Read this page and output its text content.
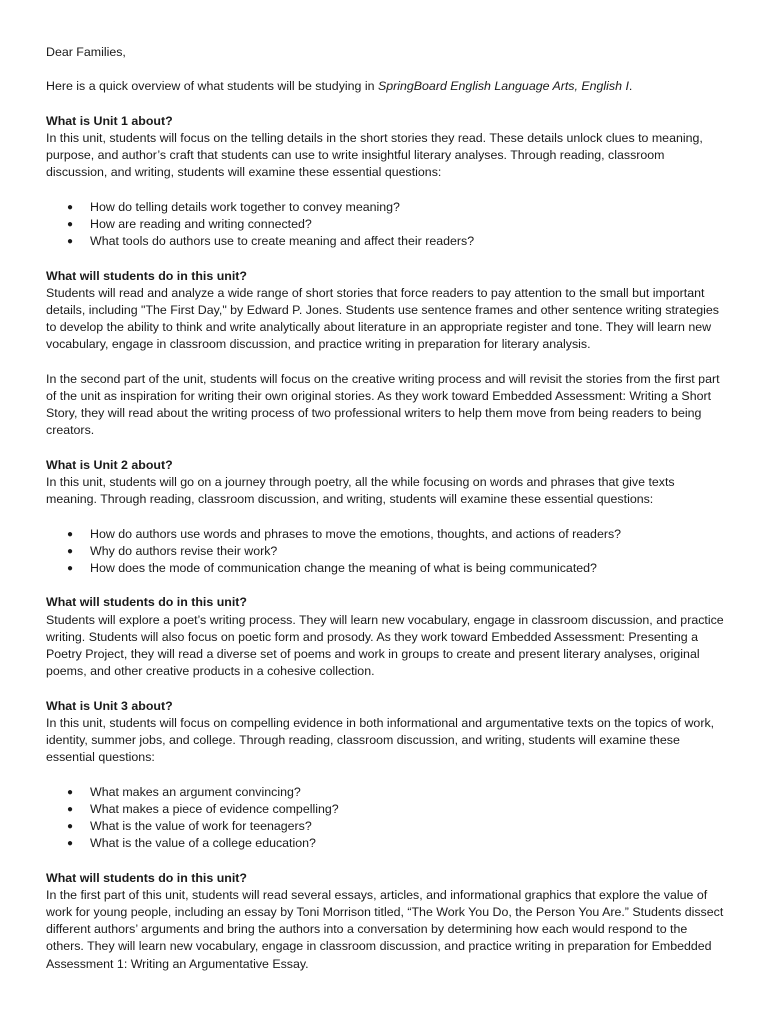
Dear Families,

Here is a quick overview of what students will be studying in SpringBoard English Language Arts, English I.

What is Unit 1 about?

In this unit, students will focus on the telling details in the short stories they read. These details unlock clues to meaning, purpose, and author’s craft that students can use to write insightful literary analyses. Through reading, classroom discussion, and writing, students will examine these essential questions:

● How do telling details work together to convey meaning?
● How are reading and writing connected?
● What tools do authors use to create meaning and affect their readers?

What will students do in this unit?

Students will read and analyze a wide range of short stories that force readers to pay attention to the small but important details, including "The First Day," by Edward P. Jones. Students use sentence frames and other sentence writing strategies to develop the ability to think and write analytically about literature in an appropriate register and tone. They will learn new vocabulary, engage in classroom discussion, and practice writing in preparation for literary analysis.

In the second part of the unit, students will focus on the creative writing process and will revisit the stories from the first part of the unit as inspiration for writing their own original stories. As they work toward Embedded Assessment: Writing a Short Story, they will read about the writing process of two professional writers to help them move from being readers to being creators.

What is Unit 2 about?

In this unit, students will go on a journey through poetry, all the while focusing on words and phrases that give texts meaning. Through reading, classroom discussion, and writing, students will examine these essential questions:

● How do authors use words and phrases to move the emotions, thoughts, and actions of readers?
● Why do authors revise their work?
● How does the mode of communication change the meaning of what is being communicated?

What will students do in this unit?

Students will explore a poet’s writing process. They will learn new vocabulary, engage in classroom discussion, and practice writing. Students will also focus on poetic form and prosody. As they work toward Embedded Assessment: Presenting a Poetry Project, they will read a diverse set of poems and work in groups to create and present literary analyses, original poems, and other creative products in a cohesive collection.

What is Unit 3 about?

In this unit, students will focus on compelling evidence in both informational and argumentative texts on the topics of work, identity, summer jobs, and college. Through reading, classroom discussion, and writing, students will examine these essential questions:

● What makes an argument convincing?
● What makes a piece of evidence compelling?
● What is the value of work for teenagers?
● What is the value of a college education?

What will students do in this unit?

In the first part of this unit, students will read several essays, articles, and informational graphics that explore the value of work for young people, including an essay by Toni Morrison titled, “The Work You Do, the Person You Are.” Students dissect different authors’ arguments and bring the authors into a conversation by determining how each would respond to the others. They will learn new vocabulary, engage in classroom discussion, and practice writing in preparation for Embedded Assessment 1: Writing an Argumentative Essay.
